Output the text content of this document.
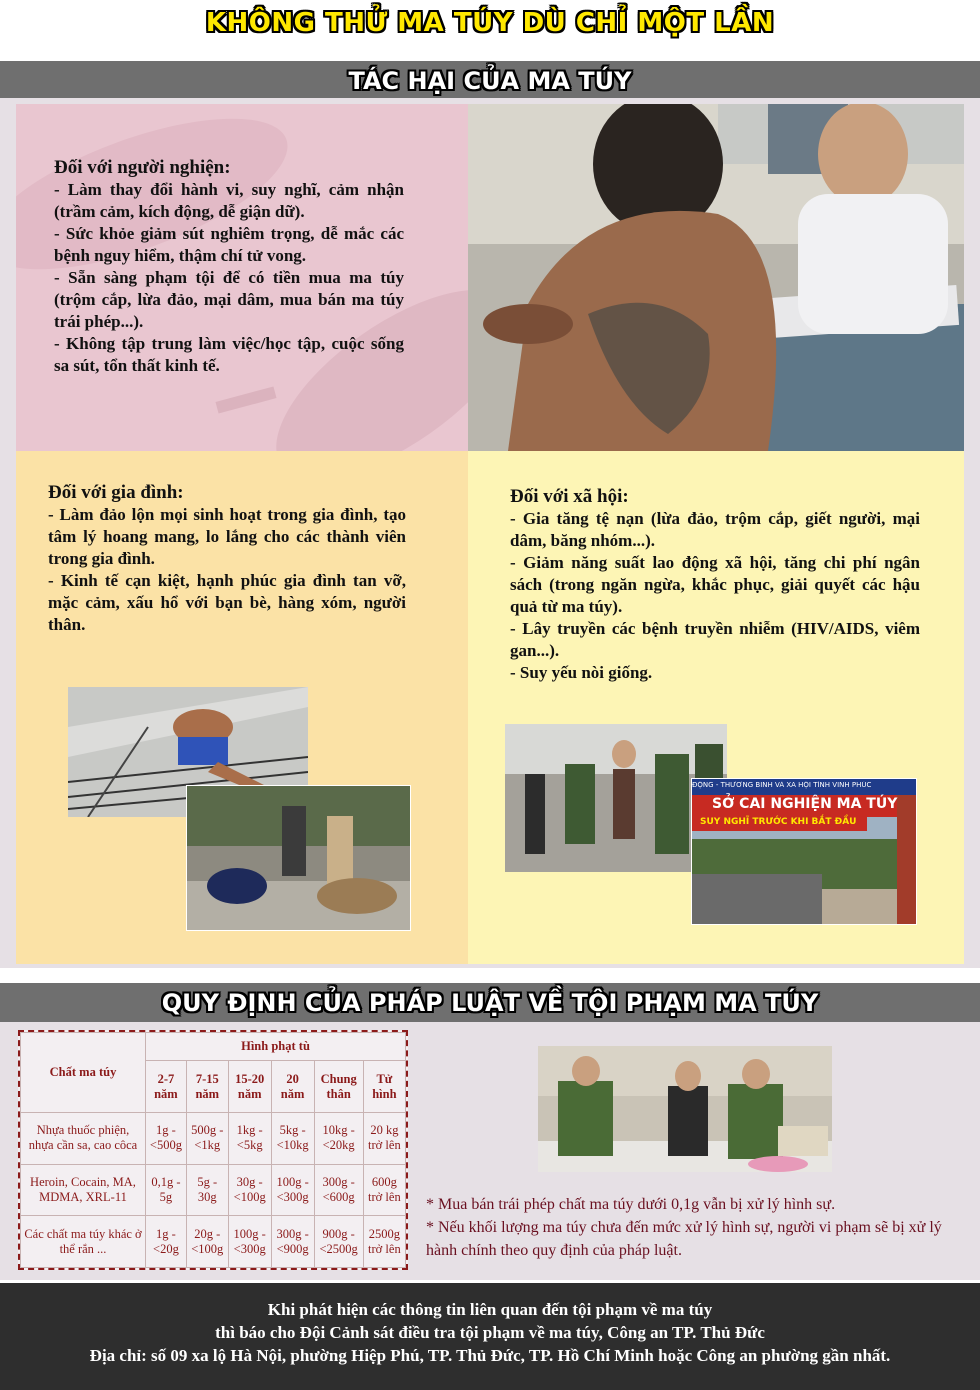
KHÔNG THỬ MA TÚY DÙ CHỈ MỘT LẦN
TÁC HẠI CỦA MA TÚY
Đối với người nghiện:

- Làm thay đổi hành vi, suy nghĩ, cảm nhận (trầm cảm, kích động, dễ giận dữ).

- Sức khỏe giảm sút nghiêm trọng, dễ mắc các bệnh nguy hiểm, thậm chí tử vong.

- Sẵn sàng phạm tội để có tiền mua ma túy (trộm cắp, lừa đảo, mại dâm, mua bán ma túy trái phép...).

- Không tập trung làm việc/học tập, cuộc sống sa sút, tổn thất kinh tế.

Đối với gia đình:

- Làm đảo lộn mọi sinh hoạt trong gia đình, tạo tâm lý hoang mang, lo lắng cho các thành viên trong gia đình.

- Kinh tế cạn kiệt, hạnh phúc gia đình tan vỡ, mặc cảm, xấu hổ với bạn bè, hàng xóm, người thân.

Đối với xã hội:

- Gia tăng tệ nạn (lừa đảo, trộm cắp, giết người, mại dâm, băng nhóm...).

- Giảm năng suất lao động xã hội, tăng chi phí ngân sách (trong ngăn ngừa, khắc phục, giải quyết các hậu quả từ ma túy).

- Lây truyền các bệnh truyền nhiễm (HIV/AIDS, viêm gan...).

- Suy yếu nòi giống.

ĐỘNG - THƯƠNG BINH VÀ XÃ HỘI TỈNH VĨNH PHÚC
SỞ CAI NGHIỆN MA TÚY
SUY NGHĨ TRƯỚC KHI BẮT ĐẦU
QUY ĐỊNH CỦA PHÁP LUẬT VỀ TỘI PHẠM MA TÚY
Chất ma túy	Hình phạt tù					
	2-7 năm	7-15 năm	15-20 năm	20 năm	Chung thân	Tử hình
Nhựa thuốc phiện, nhựa cần sa, cao côca	1g - <500g	500g - <1kg	1kg - <5kg	5kg - <10kg	10kg - <20kg	20 kg trở lên
Heroin, Cocain, MA, MDMA, XRL-11	0,1g - 5g	5g - 30g	30g - <100g	100g - <300g	300g - <600g	600g trở lên
Các chất ma túy khác ở thể rắn ...	1g - <20g	20g - <100g	100g - <300g	300g - <900g	900g - <2500g	2500g trở lên
* Mua bán trái phép chất ma túy dưới 0,1g vẫn bị xử lý hình sự.
* Nếu khối lượng ma túy chưa đến mức xử lý hình sự, người vi phạm sẽ bị xử lý hành chính theo quy định của pháp luật.
Khi phát hiện các thông tin liên quan đến tội phạm về ma túy
thì báo cho Đội Cảnh sát điều tra tội phạm về ma túy, Công an TP. Thủ Đức
Địa chỉ: số 09 xa lộ Hà Nội, phường Hiệp Phú, TP. Thủ Đức, TP. Hồ Chí Minh hoặc Công an phường gần nhất.
